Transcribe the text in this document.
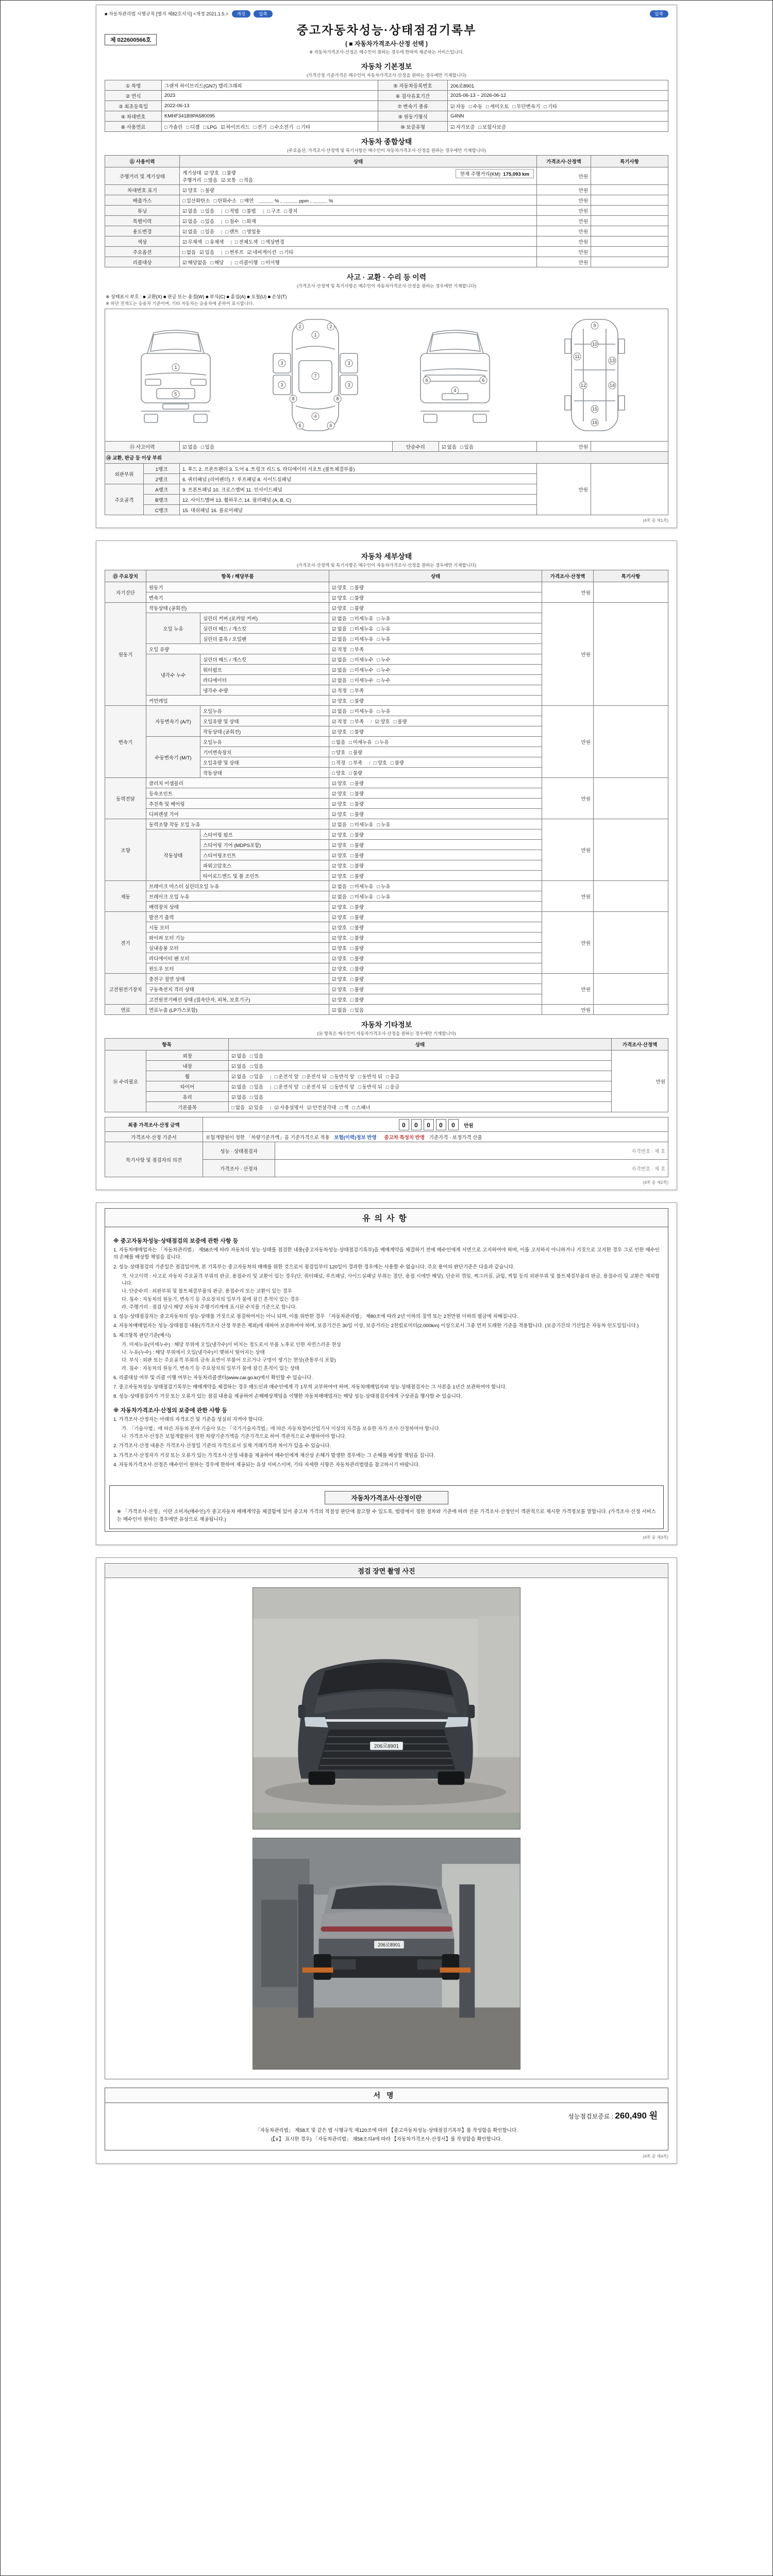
■ 자동차관리법 시행규칙 [별지 제82호서식] <개정 2021.1.5.> 개정	앞쪽	앞쪽
제 022600566호
중고자동차성능·상태점검기록부
( ■ 자동차가격조사·산정 선택 )
※ 자동차가격조사·산정은 매수인이 원하는 경우에 한하여 제공하는 서비스입니다.
자동차 기본정보
(가격산정 기준가격은 매수인이 자동차가격조사·산정을 원하는 경우에만 기재합니다)
① 차명	그랜저 하이브리드(GN7) 캘리그래피	⑤ 자동차등록번호	206로8901
② 연식	2023	⑥ 검사유효기간	2025-06-13 ~ 2026-06-12
③ 최초등록일	2022-06-13	⑦ 변속기 종류	☑ 자동 □ 수동 □ 세미오토 □ 무단변속기 □ 기타
④ 차대번호	KMHF341B9PA580095	⑨ 원동기형식	G4NN
⑧ 사용연료	□ 가솔린 □ 디젤 □ LPG ☑ 하이브리드 □ 전기 □ 수소전기 □ 기타	⑩ 보증유형	☑ 자가보증 □ 보험사보증
자동차 종합상태
(주요옵션, 가격조사·산정액 및 특기사항은 매수인이 자동차가격조사·산정을 원하는 경우에만 기재합니다)
⑪ 사용이력	상태	가격조사·산정액	특기사항
주행거리 및 계기상태	계기상태  ☑ 양호 □ 불량 현재 주행거리(KM)  175,093 km
주행거리  □ 많음 ☑ 보통 □ 적음	만원	
차대번호 표기	☑ 양호 □ 불량	만원	
배출가스	□ 일산화탄소 □ 탄화수소 □ 매연 ＿＿＿ % , ＿＿＿ ppm , ＿＿＿ %	만원	
튜닝	☑ 없음 □ 있음 | □ 적법 □ 불법 | □ 구조 □ 장치	만원	
특별이력	☑ 없음 □ 있음 | □ 침수 □ 화재	만원	
용도변경	☑ 없음 □ 있음 | □ 렌트 □ 영업용	만원	
색상	☑ 무채색 □ 유채색 | □ 전체도색 □ 색상변경	만원	
주요옵션	□ 없음 ☑ 있음 | □ 썬루프 ☑ 네비게이션 □ 기타	만원	
리콜대상	☑ 해당없음 □ 해당 | □ 리콜이행 □ 미이행	만원	
사고 · 교환 · 수리 등 이력
(가격조사·산정액 및 특기사항은 매수인이 자동차가격조사·산정을 원하는 경우에만 기재합니다)
※ 상태표시 부호 : ■ 교환(X) ■ 판금 또는 용접(W) ■ 부식(C) ■ 흠집(A) ■ 요철(U) ■ 손상(T)
※ 하단 전개도는 승용차 기준이며, 기타 자동차는 승용차에 준하여 표시합니다.
1
5
1
2	2
3	3
3	3
7
8	8
4
6	6
4
6	6
9
10
11
12
13
14
15
16
⑬ 사고이력	☑ 없음 □ 있음	단순수리	☑ 없음 □ 있음	만원	
⑭ 교환, 판금 등 이상 부위				
외판부위	1랭크	1. 후드 2. 프론트펜더 3. 도어 4. 트렁크 리드 5. 라디에이터 서포트 (볼트체결부품)	만원	
	2랭크	6. 쿼터패널 (리어펜더) 7. 루프패널 8. 사이드실패널		
주요골격	A랭크	9. 프론트패널 10. 크로스멤버 11. 인사이드패널		
	B랭크	12. 사이드멤버 13. 휠하우스 14. 필러패널 (A, B, C)		
	C랭크	15. 대쉬패널 16. 플로어패널		
(4쪽 중 제1쪽)
자동차 세부상태
(가격조사·산정액 및 특기사항은 매수인이 자동차가격조사·산정을 원하는 경우에만 기재합니다)
⑮ 주요장치	항목 / 해당부품		상태	가격조사·산정액	특기사항
자기진단	원동기		☑ 양호 □ 불량	만원	
	변속기		☑ 양호 □ 불량		
원동기	작동상태 (공회전)		☑ 양호 □ 불량	만원	
	오일 누유	실린더 커버 (로커암 커버)	☑ 없음 □ 미세누유 □ 누유		
		실린더 헤드 / 개스킷	☑ 없음 □ 미세누유 □ 누유		
		실린더 블록 / 오일팬	☑ 없음 □ 미세누유 □ 누유		
	오일 유량		☑ 적정 □ 부족		
	냉각수 누수	실린더 헤드 / 개스킷	☑ 없음 □ 미세누수 □ 누수		
		워터펌프	☑ 없음 □ 미세누수 □ 누수		
		라디에이터	☑ 없음 □ 미세누수 □ 누수		
		냉각수 수량	☑ 적정 □ 부족		
	커먼레일		☑ 양호 □ 불량		
변속기	자동변속기 (A/T)	오일누유	☑ 없음 □ 미세누유 □ 누유	만원	
		오일유량 및 상태	☑ 적정 □ 부족 / ☑ 양호 □ 불량		
		작동상태 (공회전)	☑ 양호 □ 불량		
	수동변속기 (M/T)	오일누유	□ 없음 □ 미세누유 □ 누유		
		기어변속장치	□ 양호 □ 불량		
		오일유량 및 상태	□ 적정 □ 부족 / □ 양호 □ 불량		
		작동상태	□ 양호 □ 불량		
동력전달	클러치 어셈블리		☑ 양호 □ 불량	만원	
	등속조인트		☑ 양호 □ 불량		
	추진축 및 베어링		☑ 양호 □ 불량		
	디퍼렌셜 기어		☑ 양호 □ 불량		
조향	동력조향 작동 오일 누유		☑ 없음 □ 미세누유 □ 누유	만원	
	작동상태	스티어링 펌프	☑ 양호 □ 불량		
		스티어링 기어 (MDPS포함)	☑ 양호 □ 불량		
		스티어링조인트	☑ 양호 □ 불량		
		파워고압호스	☑ 양호 □ 불량		
		타이로드엔드 및 볼 조인트	☑ 양호 □ 불량		
제동	브레이크 마스터 실린더오일 누유		☑ 없음 □ 미세누유 □ 누유	만원	
	브레이크 오일 누유		☑ 없음 □ 미세누유 □ 누유		
	배력장치 상태		☑ 양호 □ 불량		
전기	발전기 출력		☑ 양호 □ 불량	만원	
	시동 모터		☑ 양호 □ 불량		
	와이퍼 모터 기능		☑ 양호 □ 불량		
	실내송풍 모터		☑ 양호 □ 불량		
	라디에이터 팬 모터		☑ 양호 □ 불량		
	윈도우 모터		☑ 양호 □ 불량		
고전원전기장치	충전구 절연 상태		☑ 양호 □ 불량	만원	
	구동축전지 격리 상태		☑ 양호 □ 불량		
	고전원전기배선 상태 (접속단자, 피복, 보호기구)		☑ 양호 □ 불량		
연료	연료누출 (LP가스포함)		☑ 없음 □ 있음	만원	
자동차 기타정보
(⑯ 항목은 매수인이 자동차가격조사·산정을 원하는 경우에만 기재합니다)
항목		상태	가격조사·산정액
⑯ 수리필요	외장	☑ 없음 □ 있음	만원
	내장	☑ 없음 □ 있음	
	휠	☑ 없음 □ 있음 | □ 운전석 앞 □ 운전석 뒤 □ 동반석 앞 □ 동반석 뒤 □ 응급	
	타이어	☑ 없음 □ 있음 | □ 운전석 앞 □ 운전석 뒤 □ 동반석 앞 □ 동반석 뒤 □ 응급	
	유리	☑ 없음 □ 있음	
	기본품목	□ 없음 ☑ 있음 | ☑ 사용설명서 ☑ 안전삼각대 □ 잭 □ 스패너	
최종 가격조사·산정 금액	0 0 0 0 0 만원
가격조사·산정 기준서	보험개발원이 정한 「차량기준가액」을 기준가격으로 적용 보험(이력)정보 반영 중고차 특성치 반영 기준가격 · 보정가격 산출
특기사항 및 점검자의 의견	성능 · 상태점검자	자격번호 : 제 호

	가격조사 · 산정자	자격번호 : 제 호
(4쪽 중 제2쪽)
유의사항
※ 중고자동차성능·상태점검의 보증에 관한 사항 등

1. 자동차매매업자는 「자동차관리법」 제58조에 따라 자동차의 성능·상태를 점검한 내용(중고자동차성능·상태점검기록부)을 매매계약을 체결하기 전에 매수인에게 서면으로 고지하여야 하며, 이를 고지하지 아니하거나 거짓으로 고지한 경우 그로 인한 매수인의 손해를 배상할 책임을 집니다.

2. 성능·상태점검의 기준일은 점검일이며, 본 기록부는 중고자동차의 매매를 위한 것으로서 점검일부터 120일이 경과한 경우에는 사용할 수 없습니다. 주요 용어의 판단기준은 다음과 같습니다.

가. 사고이력 : 사고로 자동차 주요골격 부위의 판금, 용접수리 및 교환이 있는 경우(단, 쿼터패널, 루프패널, 사이드실패널 부위는 절단, 용접 시에만 해당). 단순히 꺾임, 찌그러짐, 긁힘, 찍힘 등의 외판부위 및 볼트체결부품의 판금, 용접수리 및 교환은 제외합니다.

나. 단순수리 : 외판부위 및 볼트체결부품의 판금, 용접수리 또는 교환이 있는 경우

다. 침수 : 자동차의 원동기, 변속기 등 주요장치의 일부가 물에 잠긴 흔적이 있는 경우

라. 주행거리 : 점검 당시 해당 자동차 주행거리계에 표시된 수치를 기준으로 합니다.

3. 성능·상태점검자는 중고자동차의 성능·상태를 거짓으로 점검하여서는 아니 되며, 이를 위반한 경우 「자동차관리법」 제80조에 따라 2년 이하의 징역 또는 2천만원 이하의 벌금에 처해집니다.

4. 자동차매매업자는 성능·상태점검 내용(가격조사·산정 부분은 제외)에 대하여 보증하여야 하며, 보증기간은 30일 이상, 보증거리는 2천킬로미터(2,000km) 이상으로서 그중 먼저 도래한 기준을 적용합니다. (보증기간의 기산일은 자동차 인도일입니다.)

5. 체크항목 판단기준(예시)

가. 미세누유(미세누수) : 해당 부위에 오일(냉각수)이 비치는 정도로서 부품 노후로 인한 자연스러운 현상

나. 누유(누수) : 해당 부위에서 오일(냉각수)이 맺혀서 떨어지는 상태

다. 부식 : 외판 또는 주요골격 부위의 금속 표면이 부풀어 오르거나 구멍이 생기는 현상(관통부식 포함)

라. 침수 : 자동차의 원동기, 변속기 등 주요장치의 일부가 물에 잠긴 흔적이 있는 상태

6. 리콜대상 여부 및 리콜 이행 여부는 자동차리콜센터(www.car.go.kr)에서 확인할 수 있습니다.

7. 중고자동차성능·상태점검기록부는 매매계약을 체결하는 경우 매도인과 매수인에게 각 1부씩 교부하여야 하며, 자동차매매업자와 성능·상태점검자는 그 사본을 1년간 보관하여야 합니다.

8. 성능·상태점검자가 거짓 또는 오류가 있는 점검 내용을 제공하여 손해배상책임을 이행한 자동차매매업자는 해당 성능·상태점검자에게 구상권을 행사할 수 있습니다.

※ 자동차가격조사·산정의 보증에 관한 사항 등

1. 가격조사·산정자는 아래의 자격요건 및 기준을 성실히 지켜야 합니다.

가. 「기술사법」에 따른 자동차 분야 기술사 또는 「국가기술자격법」에 따른 자동차정비산업기사 이상의 자격을 보유한 자가 조사·산정하여야 합니다.

나. 가격조사·산정은 보험개발원이 정한 차량기준가액을 기준가격으로 하여 객관적으로 수행하여야 합니다.

2. 가격조사·산정 내용은 가격조사·산정일 기준의 가격으로서 실제 거래가격과 차이가 있을 수 있습니다.

3. 가격조사·산정자가 거짓 또는 오류가 있는 가격조사·산정 내용을 제공하여 매수인에게 재산상 손해가 발생한 경우에는 그 손해를 배상할 책임을 집니다.

4. 자동차가격조사·산정은 매수인이 원하는 경우에 한하여 제공되는 유상 서비스이며, 기타 자세한 사항은 자동차관리법령을 참고하시기 바랍니다.

자동차가격조사·산정이란
※ 「가격조사·산정」이란 소비자(매수인)가 중고자동차 매매계약을 체결함에 있어 중고차 가격의 적절성 판단에 참고할 수 있도록, 법령에서 정한 절차와 기준에 따라 전문 가격조사·산정인이 객관적으로 제시한 가격정보를 말합니다. (가격조사·산정 서비스는 매수인이 원하는 경우에만 유상으로 제공됩니다.)
(4쪽 중 제3쪽)
점검 장면 촬영 사진
206로8901
206로8901
서명
성능점검보증료 : 260,490 원
「자동차관리법」 제58조 및 같은 법 시행규칙 제120조에 따라 【중고자동차성능·상태점검기록부】를 작성함을 확인합니다.
(【∨】 표시한 경우) 「자동차관리법」 제58조의4에 따라 【자동차가격조사·산정서】를 작성함을 확인합니다.
(4쪽 중 제4쪽)
